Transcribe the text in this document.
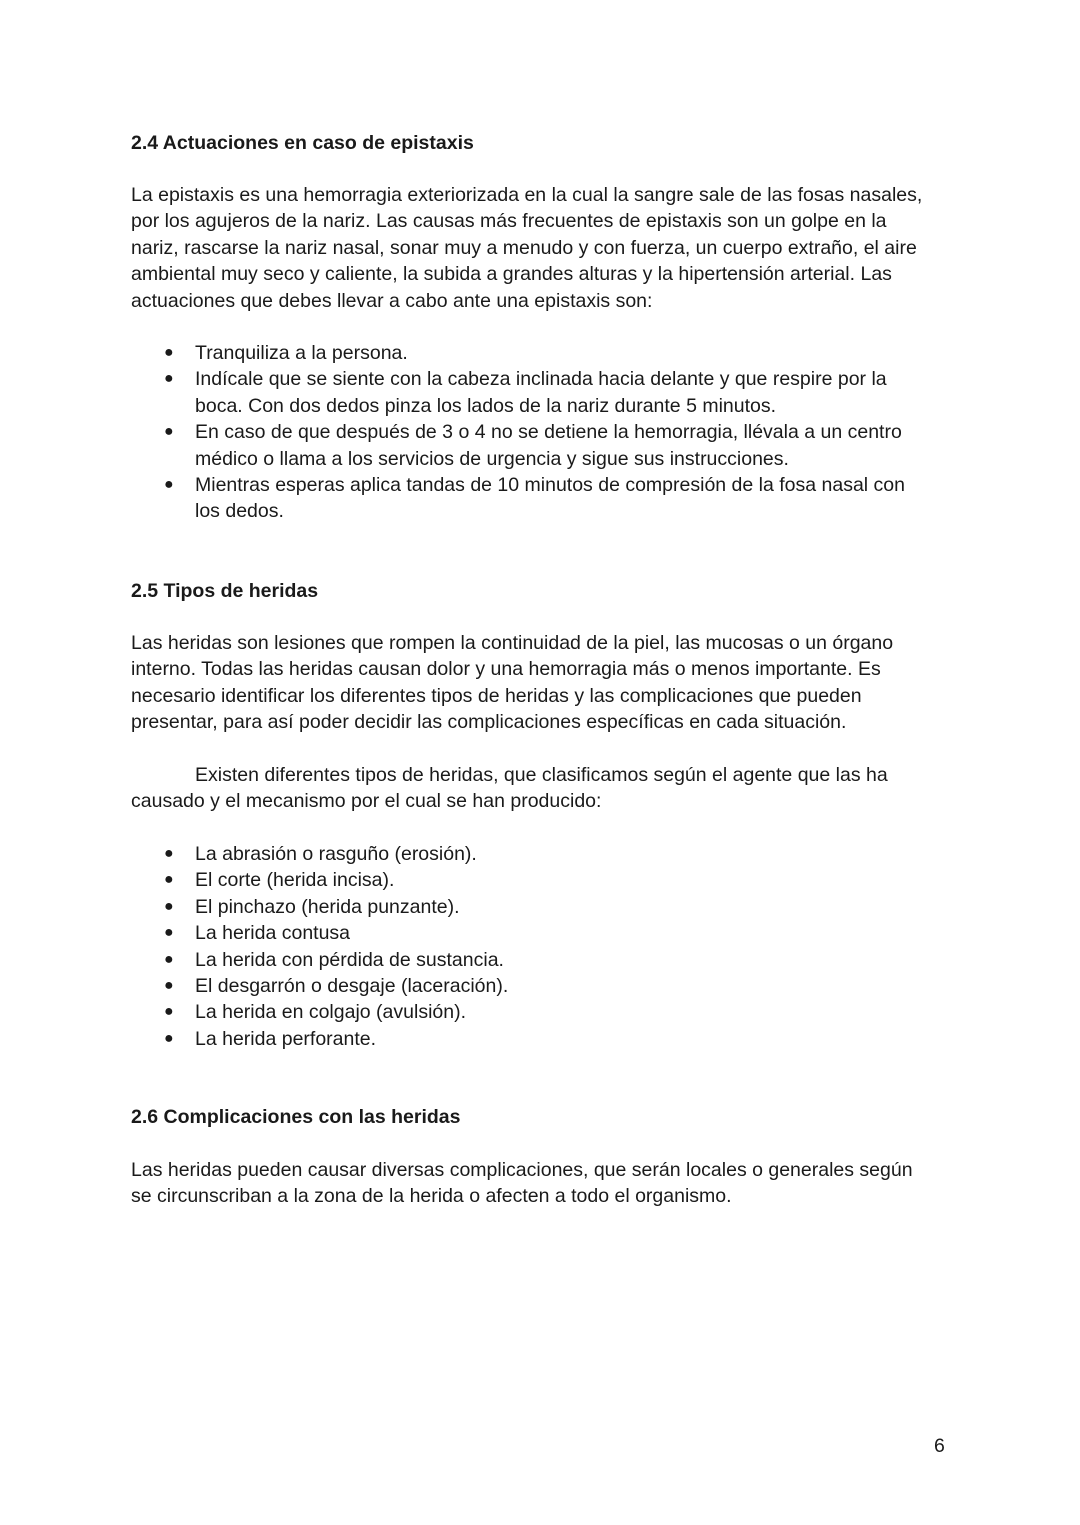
2.4 Actuaciones en caso de epistaxis

La epistaxis es una hemorragia exteriorizada en la cual la sangre sale de las fosas nasales,
por los agujeros de la nariz. Las causas más frecuentes de epistaxis son un golpe en la
nariz, rascarse la nariz nasal, sonar muy a menudo y con fuerza, un cuerpo extraño, el aire
ambiental muy seco y caliente, la subida a grandes alturas y la hipertensión arterial. Las
actuaciones que debes llevar a cabo ante una epistaxis son:

● Tranquiliza a la persona.
● Indícale que se siente con la cabeza inclinada hacia delante y que respire por la
boca. Con dos dedos pinza los lados de la nariz durante 5 minutos.
● En caso de que después de 3 o 4 no se detiene la hemorragia, llévala a un centro
médico o llama a los servicios de urgencia y sigue sus instrucciones.
● Mientras esperas aplica tandas de 10 minutos de compresión de la fosa nasal con
los dedos.
2.5 Tipos de heridas

Las heridas son lesiones que rompen la continuidad de la piel, las mucosas o un órgano
interno. Todas las heridas causan dolor y una hemorragia más o menos importante. Es
necesario identificar los diferentes tipos de heridas y las complicaciones que pueden
presentar, para así poder decidir las complicaciones específicas en cada situación.

Existen diferentes tipos de heridas, que clasificamos según el agente que las ha
causado y el mecanismo por el cual se han producido:

● La abrasión o rasguño (erosión).
● El corte (herida incisa).
● El pinchazo (herida punzante).
● La herida contusa
● La herida con pérdida de sustancia.
● El desgarrón o desgaje (laceración).
● La herida en colgajo (avulsión).
● La herida perforante.
2.6 Complicaciones con las heridas

Las heridas pueden causar diversas complicaciones, que serán locales o generales según
se circunscriban a la zona de la herida o afecten a todo el organismo.

6
